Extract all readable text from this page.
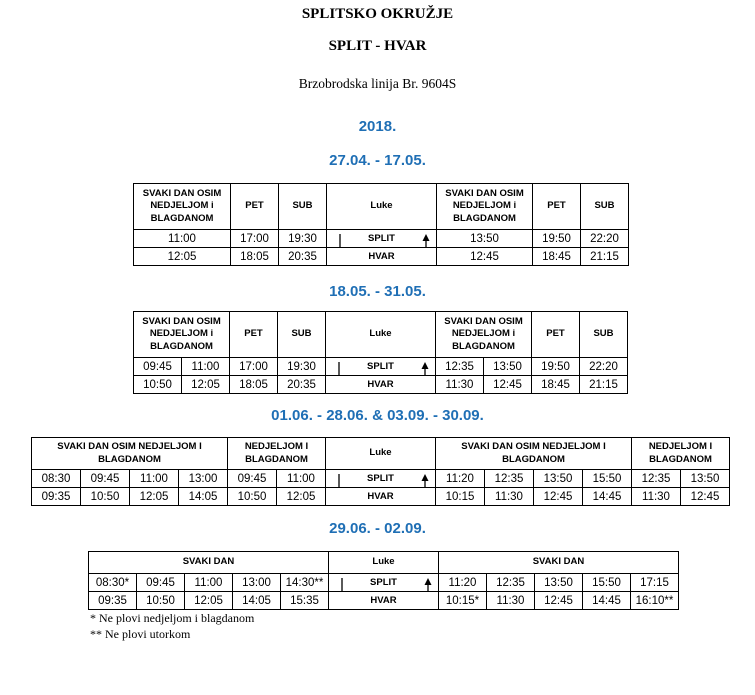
SPLITSKO OKRUŽJE
SPLIT - HVAR
Brzobrodska linija Br. 9604S
2018.
27.04. - 17.05.
SVAKI DAN OSIM NEDJELJOM i BLAGDANOM	PET	SUB	Luke	SVAKI DAN OSIM NEDJELJOM i BLAGDANOM	PET	SUB
11:00	17:00	19:30	SPLIT	13:50	19:50	22:20
12:05	18:05	20:35	HVAR	12:45	18:45	21:15
18.05. - 31.05.
SVAKI DAN OSIM NEDJELJOM i BLAGDANOM		PET	SUB	Luke	SVAKI DAN OSIM NEDJELJOM i BLAGDANOM		PET	SUB
09:45	11:00	17:00	19:30	SPLIT	12:35	13:50	19:50	22:20
10:50	12:05	18:05	20:35	HVAR	11:30	12:45	18:45	21:15
01.06. - 28.06. & 03.09. - 30.09.
SVAKI DAN OSIM NEDJELJOM I BLAGDANOM				NEDJELJOM I BLAGDANOM		Luke	SVAKI DAN OSIM NEDJELJOM I BLAGDANOM				NEDJELJOM I BLAGDANOM	
08:30	09:45	11:00	13:00	09:45	11:00	SPLIT	11:20	12:35	13:50	15:50	12:35	13:50
09:35	10:50	12:05	14:05	10:50	12:05	HVAR	10:15	11:30	12:45	14:45	11:30	12:45
29.06. - 02.09.
SVAKI DAN					Luke	SVAKI DAN				
08:30*	09:45	11:00	13:00	14:30**	SPLIT	11:20	12:35	13:50	15:50	17:15
09:35	10:50	12:05	14:05	15:35	HVAR	10:15*	11:30	12:45	14:45	16:10**
* Ne plovi nedjeljom i blagdanom
** Ne plovi utorkom
